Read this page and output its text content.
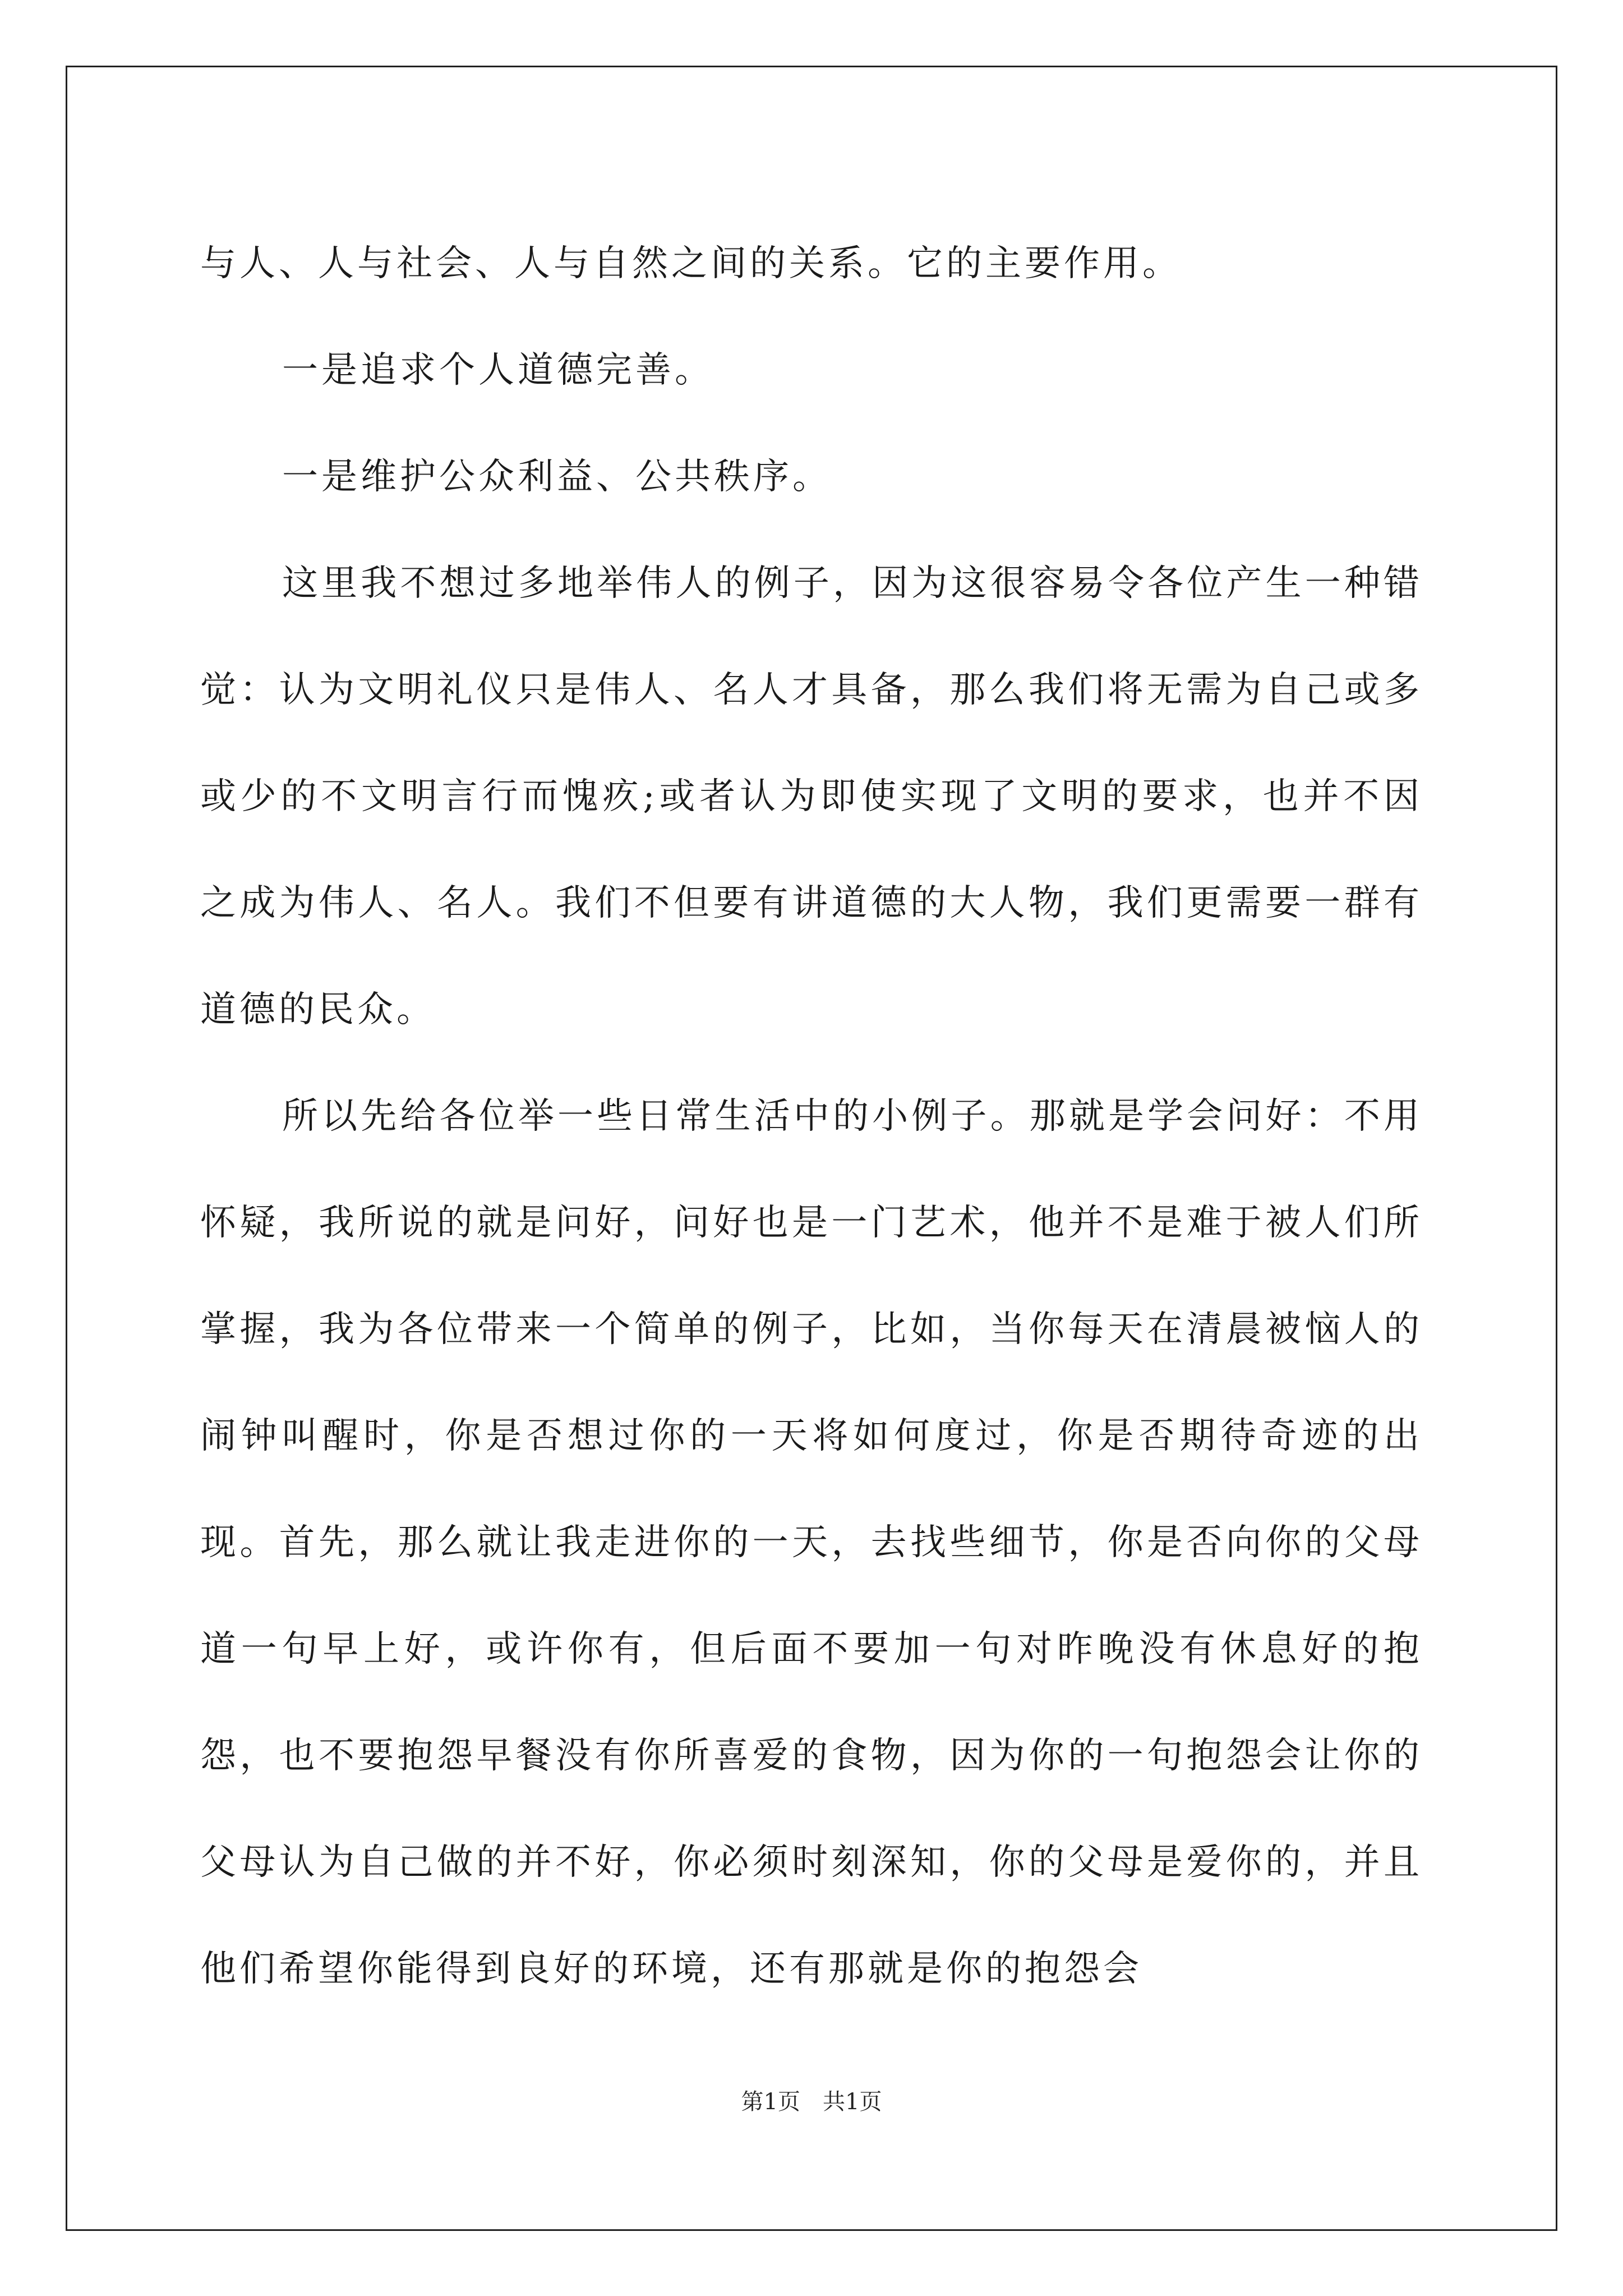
与人、人与社会、人与自然之间的关系。它的主要作用。

一是追求个人道德完善。

一是维护公众利益、公共秩序。

这里我不想过多地举伟人的例子，因为这很容易令各位产生一种错觉：认为文明礼仪只是伟人、名人才具备，那么我们将无需为自己或多或少的不文明言行而愧疚;或者认为即使实现了文明的要求，也并不因之成为伟人、名人。我们不但要有讲道德的大人物，我们更需要一群有道德的民众。

所以先给各位举一些日常生活中的小例子。那就是学会问好：不用怀疑，我所说的就是问好，问好也是一门艺术，他并不是难于被人们所掌握，我为各位带来一个简单的例子，比如，当你每天在清晨被恼人的闹钟叫醒时，你是否想过你的一天将如何度过，你是否期待奇迹的出现。首先，那么就让我走进你的一天，去找些细节，你是否向你的父母道一句早上好，或许你有，但后面不要加一句对昨晚没有休息好的抱怨，也不要抱怨早餐没有你所喜爱的食物，因为你的一句抱怨会让你的父母认为自己做的并不好，你必须时刻深知，你的父母是爱你的，并且他们希望你能得到良好的环境，还有那就是你的抱怨会

第1页 共1页
